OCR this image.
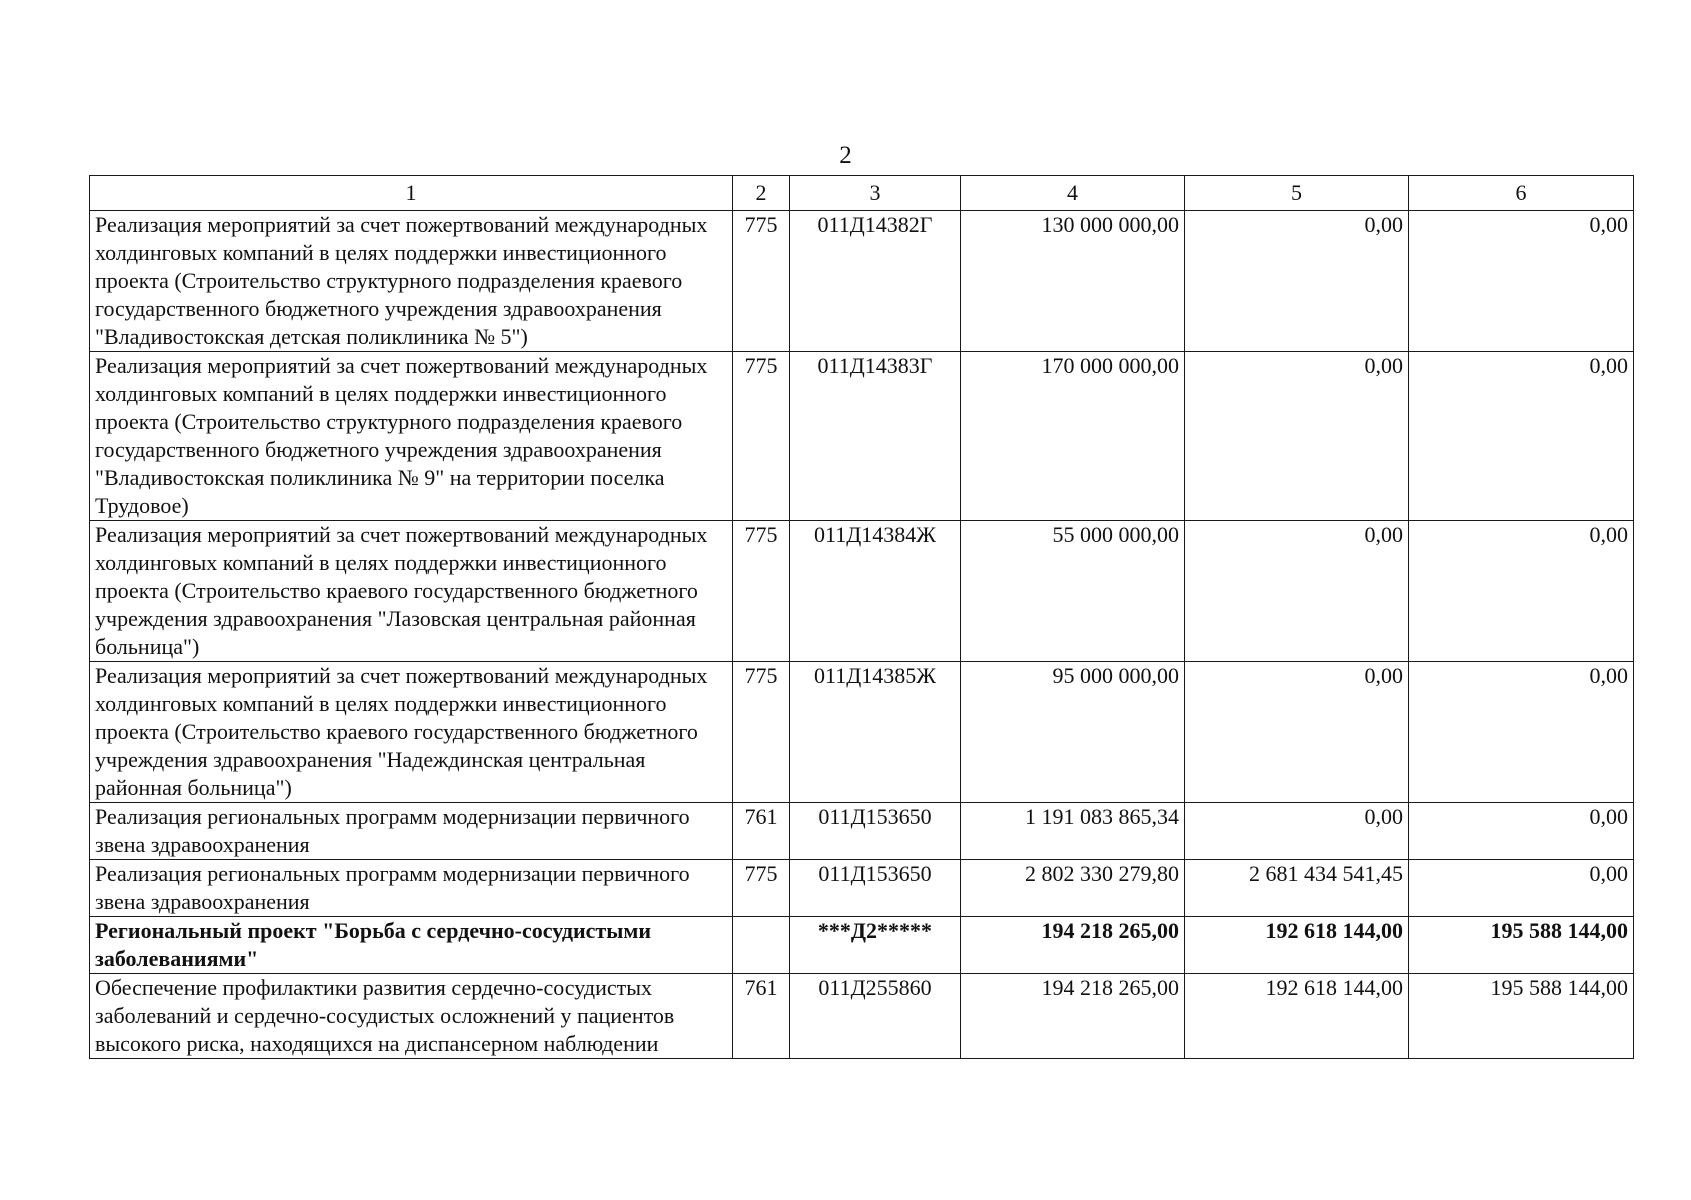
2
1	2	3	4	5	6
Реализация мероприятий за счет пожертвований международных холдинговых компаний в целях поддержки инвестиционного проекта (Строительство структурного подразделения краевого государственного бюджетного учреждения здравоохранения "Владивостокская детская поликлиника № 5")	775	011Д14382Г	130 000 000,00	0,00	0,00
Реализация мероприятий за счет пожертвований международных холдинговых компаний в целях поддержки инвестиционного проекта (Строительство структурного подразделения краевого государственного бюджетного учреждения здравоохранения "Владивостокская поликлиника № 9" на территории поселка Трудовое)	775	011Д14383Г	170 000 000,00	0,00	0,00
Реализация мероприятий за счет пожертвований международных холдинговых компаний в целях поддержки инвестиционного проекта (Строительство краевого государственного бюджетного учреждения здравоохранения "Лазовская центральная районная больница")	775	011Д14384Ж	55 000 000,00	0,00	0,00
Реализация мероприятий за счет пожертвований международных холдинговых компаний в целях поддержки инвестиционного проекта (Строительство краевого государственного бюджетного учреждения здравоохранения "Надеждинская центральная районная больница")	775	011Д14385Ж	95 000 000,00	0,00	0,00
Реализация региональных программ модернизации первичного звена здравоохранения	761	011Д153650	1 191 083 865,34	0,00	0,00
Реализация региональных программ модернизации первичного звена здравоохранения	775	011Д153650	2 802 330 279,80	2 681 434 541,45	0,00
Региональный проект "Борьба с сердечно-сосудистыми заболеваниями"		***Д2*****	194 218 265,00	192 618 144,00	195 588 144,00
Обеспечение профилактики развития сердечно-сосудистых заболеваний и сердечно-сосудистых осложнений у пациентов высокого риска, находящихся на диспансерном наблюдении	761	011Д255860	194 218 265,00	192 618 144,00	195 588 144,00
